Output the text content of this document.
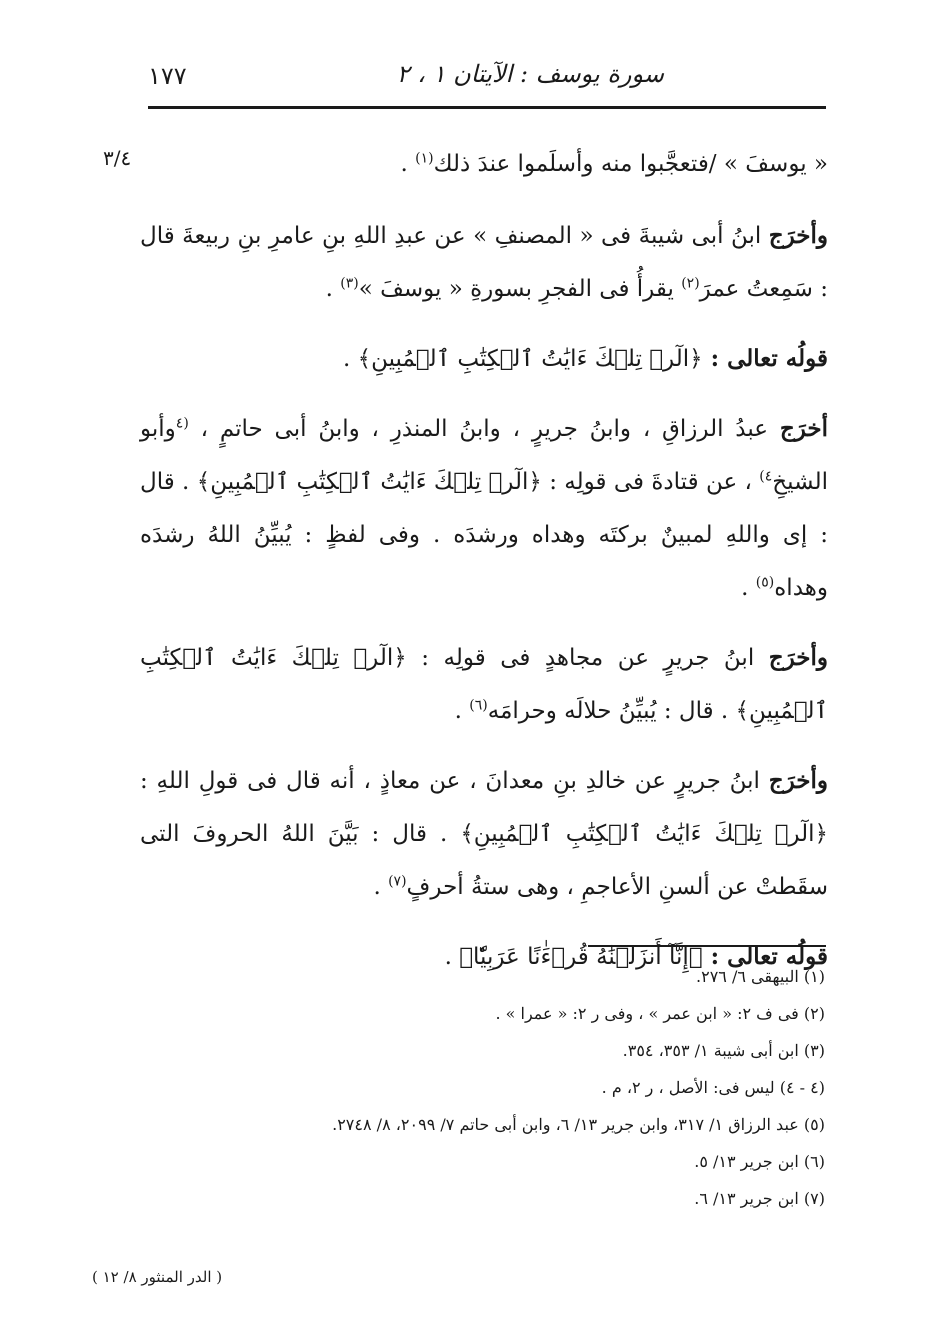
١٧٧	سورة يوسف : الآيتان ١ ، ٢
٣/٤	« يوسفَ » /فتعجَّبوا منه وأسلَموا عندَ ذلك$^{(١)}$ .

وأخرَج ابنُ أبى شيبةَ فى « المصنفِ » عن عبدِ اللهِ بنِ عامرِ بنِ ربيعةَ قال : سَمِعتُ عمرَ$^{(٢)}$ يقرأُ فى الفجرِ بسورةِ « يوسفَ »$^{(٣)}$ .

قولُه تعالى : ﴿الٓرۚ تِلۡكَ ءَايَٰتُ ٱلۡكِتَٰبِ ٱلۡمُبِينِ﴾ .

أخرَج عبدُ الرزاقِ ، وابنُ جريرٍ ، وابنُ المنذرِ ، وابنُ أبى حاتمٍ ، $^{(٤}$وأبو الشيخِ$^{٤)}$ ، عن قتادةَ فى قولِه : ﴿الٓرۚ تِلۡكَ ءَايَٰتُ ٱلۡكِتَٰبِ ٱلۡمُبِينِ﴾ . قال : إى واللهِ لمبينٌ بركتَه وهداه ورشدَه . وفى لفظٍ : يُبيِّنُ اللهُ رشدَه وهداه$^{(٥)}$ .

وأخرَج ابنُ جريرٍ عن مجاهدٍ فى قولِه : ﴿الٓرۚ تِلۡكَ ءَايَٰتُ ٱلۡكِتَٰبِ ٱلۡمُبِينِ﴾ . قال : يُبيِّنُ حلالَه وحرامَه$^{(٦)}$ .

وأخرَج ابنُ جريرٍ عن خالدِ بنِ معدانَ ، عن معاذٍ ، أنه قال فى قولِ اللهِ : ﴿الٓرۚ تِلۡكَ ءَايَٰتُ ٱلۡكِتَٰبِ ٱلۡمُبِينِ﴾ . قال : بَيَّنَ اللهُ الحروفَ التى سقَطتْ عن ألسنِ الأعاجمِ ، وهى ستةُ أحرفٍ$^{(٧)}$ .

قولُه تعالى : ﴿إِنَّآ أَنزَلۡنَٰهُ قُرۡءَٰنًا عَرَبِيّٗا﴾ .

(١) البيهقى ٦/ ٢٧٦.
(٢) فى ف ٢: « ابن عمر » ، وفى ر ٢: « عمرا » .
(٣) ابن أبى شيبة ١/ ٣٥٣، ٣٥٤.
(٤ - ٤) ليس فى: الأصل ، ر ٢، م .
(٥) عبد الرزاق ١/ ٣١٧، وابن جرير ١٣/ ٦، وابن أبى حاتم ٧/ ٢٠٩٩، ٨/ ٢٧٤٨.
(٦) ابن جرير ١٣/ ٥.
(٧) ابن جرير ١٣/ ٦.
( الدر المنثور ٨/ ١٢ )
